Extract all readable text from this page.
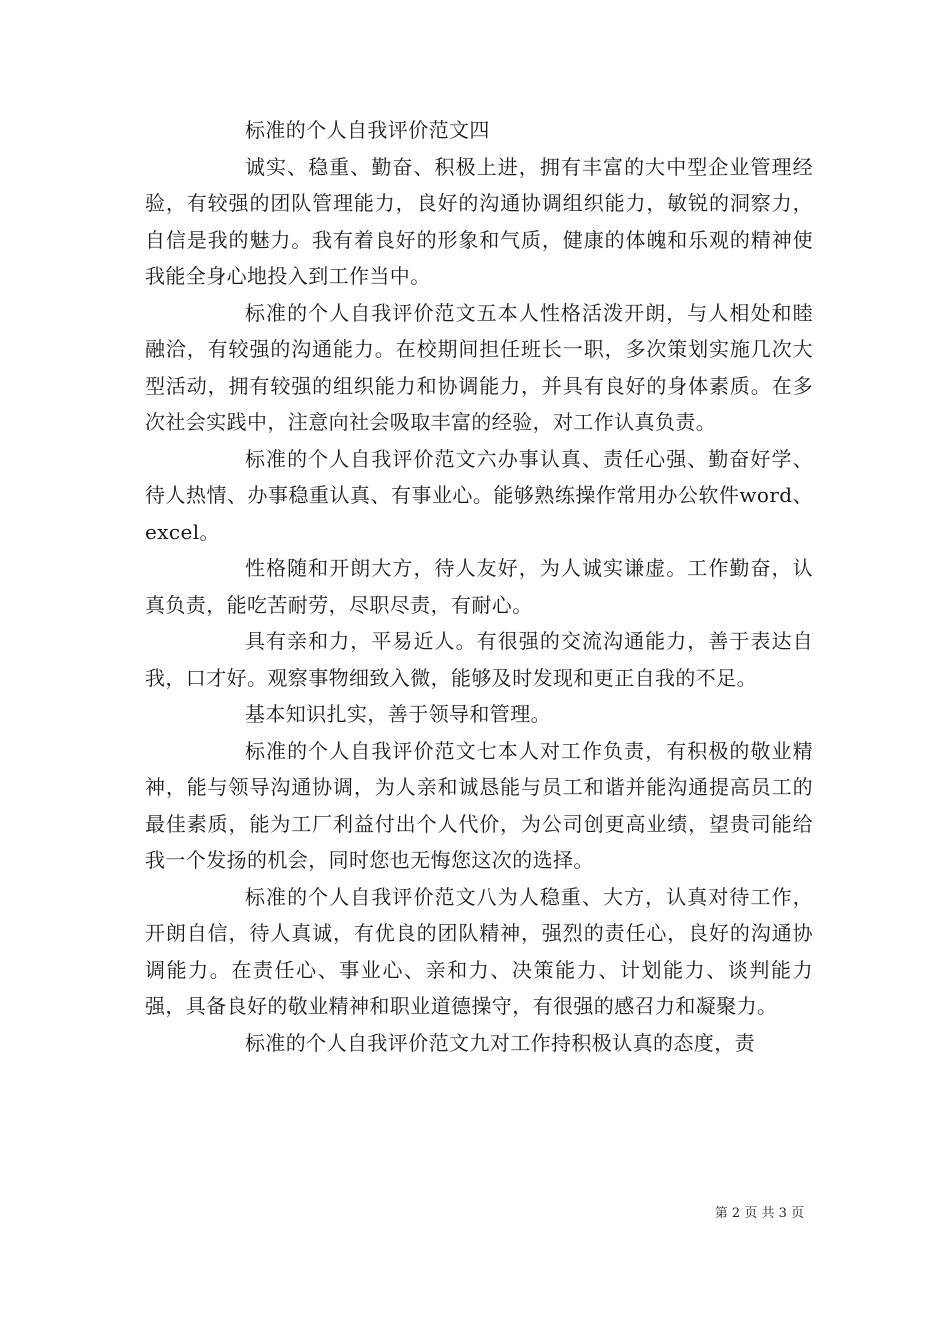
标准的个人自我评价范文四

诚实、稳重、勤奋、积极上进，拥有丰富的大中型企业管理经验，有较强的团队管理能力，良好的沟通协调组织能力，敏锐的洞察力，自信是我的魅力。我有着良好的形象和气质，健康的体魄和乐观的精神使我能全身心地投入到工作当中。

标准的个人自我评价范文五本人性格活泼开朗，与人相处和睦融洽，有较强的沟通能力。在校期间担任班长一职，多次策划实施几次大型活动，拥有较强的组织能力和协调能力，并具有良好的身体素质。在多次社会实践中，注意向社会吸取丰富的经验，对工作认真负责。

标准的个人自我评价范文六办事认真、责任心强、勤奋好学、待人热情、办事稳重认真、有事业心。能够熟练操作常用办公软件word、excel。

性格随和开朗大方，待人友好，为人诚实谦虚。工作勤奋，认真负责，能吃苦耐劳，尽职尽责，有耐心。

具有亲和力，平易近人。有很强的交流沟通能力，善于表达自我，口才好。观察事物细致入微，能够及时发现和更正自我的不足。

基本知识扎实，善于领导和管理。

标准的个人自我评价范文七本人对工作负责，有积极的敬业精神，能与领导沟通协调，为人亲和诚恳能与员工和谐并能沟通提高员工的最佳素质，能为工厂利益付出个人代价，为公司创更高业绩，望贵司能给我一个发扬的机会，同时您也无悔您这次的选择。

标准的个人自我评价范文八为人稳重、大方，认真对待工作，开朗自信，待人真诚，有优良的团队精神，强烈的责任心，良好的沟通协调能力。在责任心、事业心、亲和力、决策能力、计划能力、谈判能力强，具备良好的敬业精神和职业道德操守，有很强的感召力和凝聚力。

标准的个人自我评价范文九对工作持积极认真的态度，责

第 2 页 共 3 页
